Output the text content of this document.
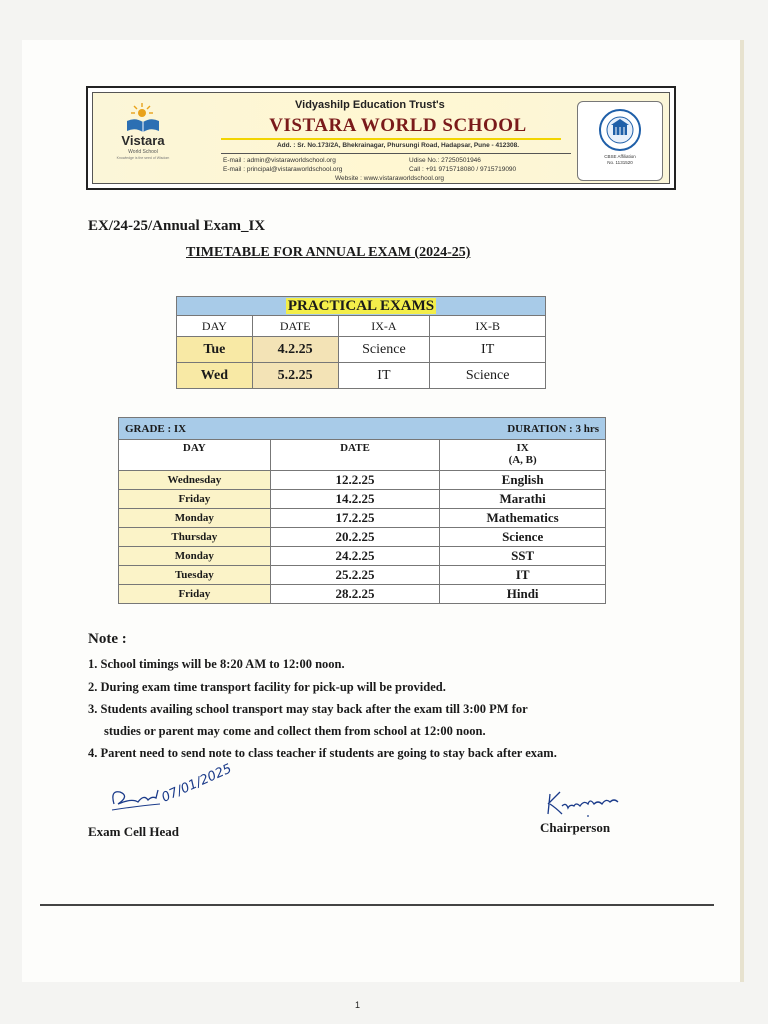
Vistara
World School
Knowledge is the seed of Wisdom
Vidyashilp Education Trust's
VISTARA WORLD SCHOOL
Add. : Sr. No.173/2A, Bhekrainagar, Phursungi Road, Hadapsar, Pune - 412308.
E-mail : admin@vistaraworldschool.org	Udise No.: 27250501946
E-mail : principal@vistaraworldschool.org	Call : +91 9715718080 / 9715719090
Website : www.vistaraworldschool.org
CBSE Affiliation
No. 1131520
EX/24-25/Annual Exam_IX
TIMETABLE FOR ANNUAL EXAM (2024-25)
PRACTICAL EXAMS			
DAY	DATE	IX-A	IX-B
Tue	4.2.25	Science	IT
Wed	5.2.25	IT	Science
GRADE : IX DURATION : 3 hrs		

DAY	DATE	IX
(A, B)

Wednesday	12.2.25	English
Friday	14.2.25	Marathi
Monday	17.2.25	Mathematics
Thursday	20.2.25	Science
Monday	24.2.25	SST
Tuesday	25.2.25	IT
Friday	28.2.25	Hindi
Note :
1. School timings will be 8:20 AM to 12:00 noon.
2. During exam time transport facility for pick-up will be provided.
3. Students availing school transport may stay back after the exam till 3:00 PM for
studies or parent may come and collect them from school at 12:00 noon.
4. Parent need to send note to class teacher if students are going to stay back after exam.
07/01/2025
Exam Cell Head	Chairperson
1
